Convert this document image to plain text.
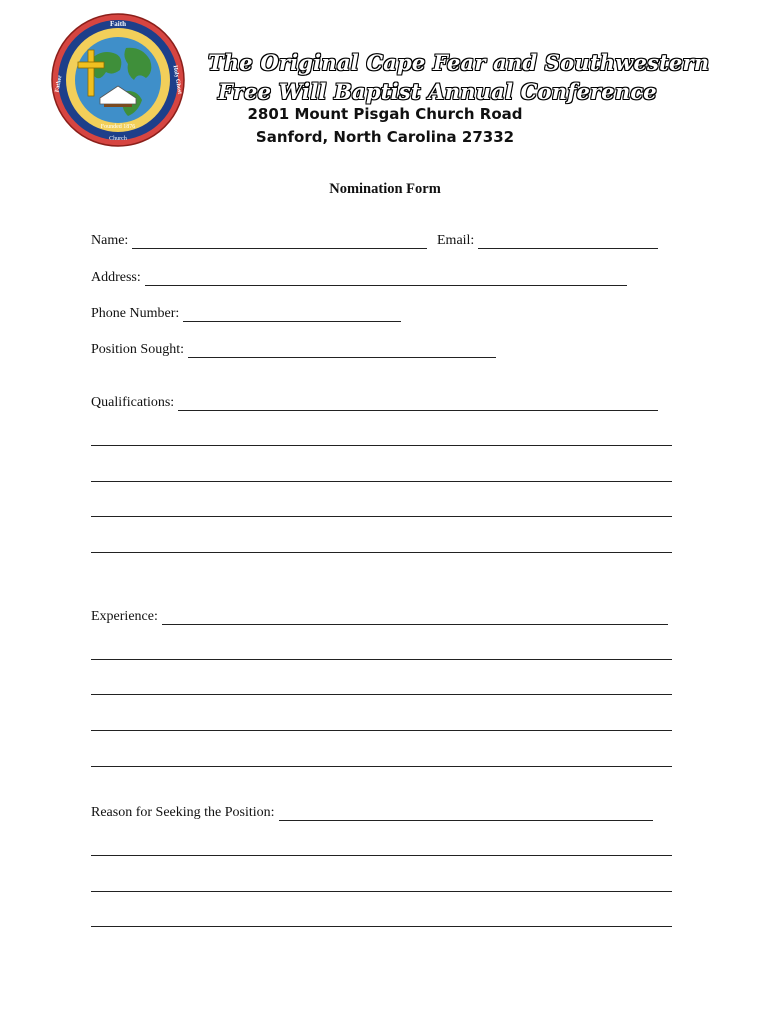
Faith
Father	Holy Ghost
Founded 1876
Church
The Original Cape Fear and Southwestern
Free Will Baptist Annual Conference
2801 Mount Pisgah Church Road
Sanford, North Carolina 27332
Nomination Form
Name:	Email:
Address:
Phone Number:
Position Sought:
Qualifications:
Experience:
Reason for Seeking the Position:
